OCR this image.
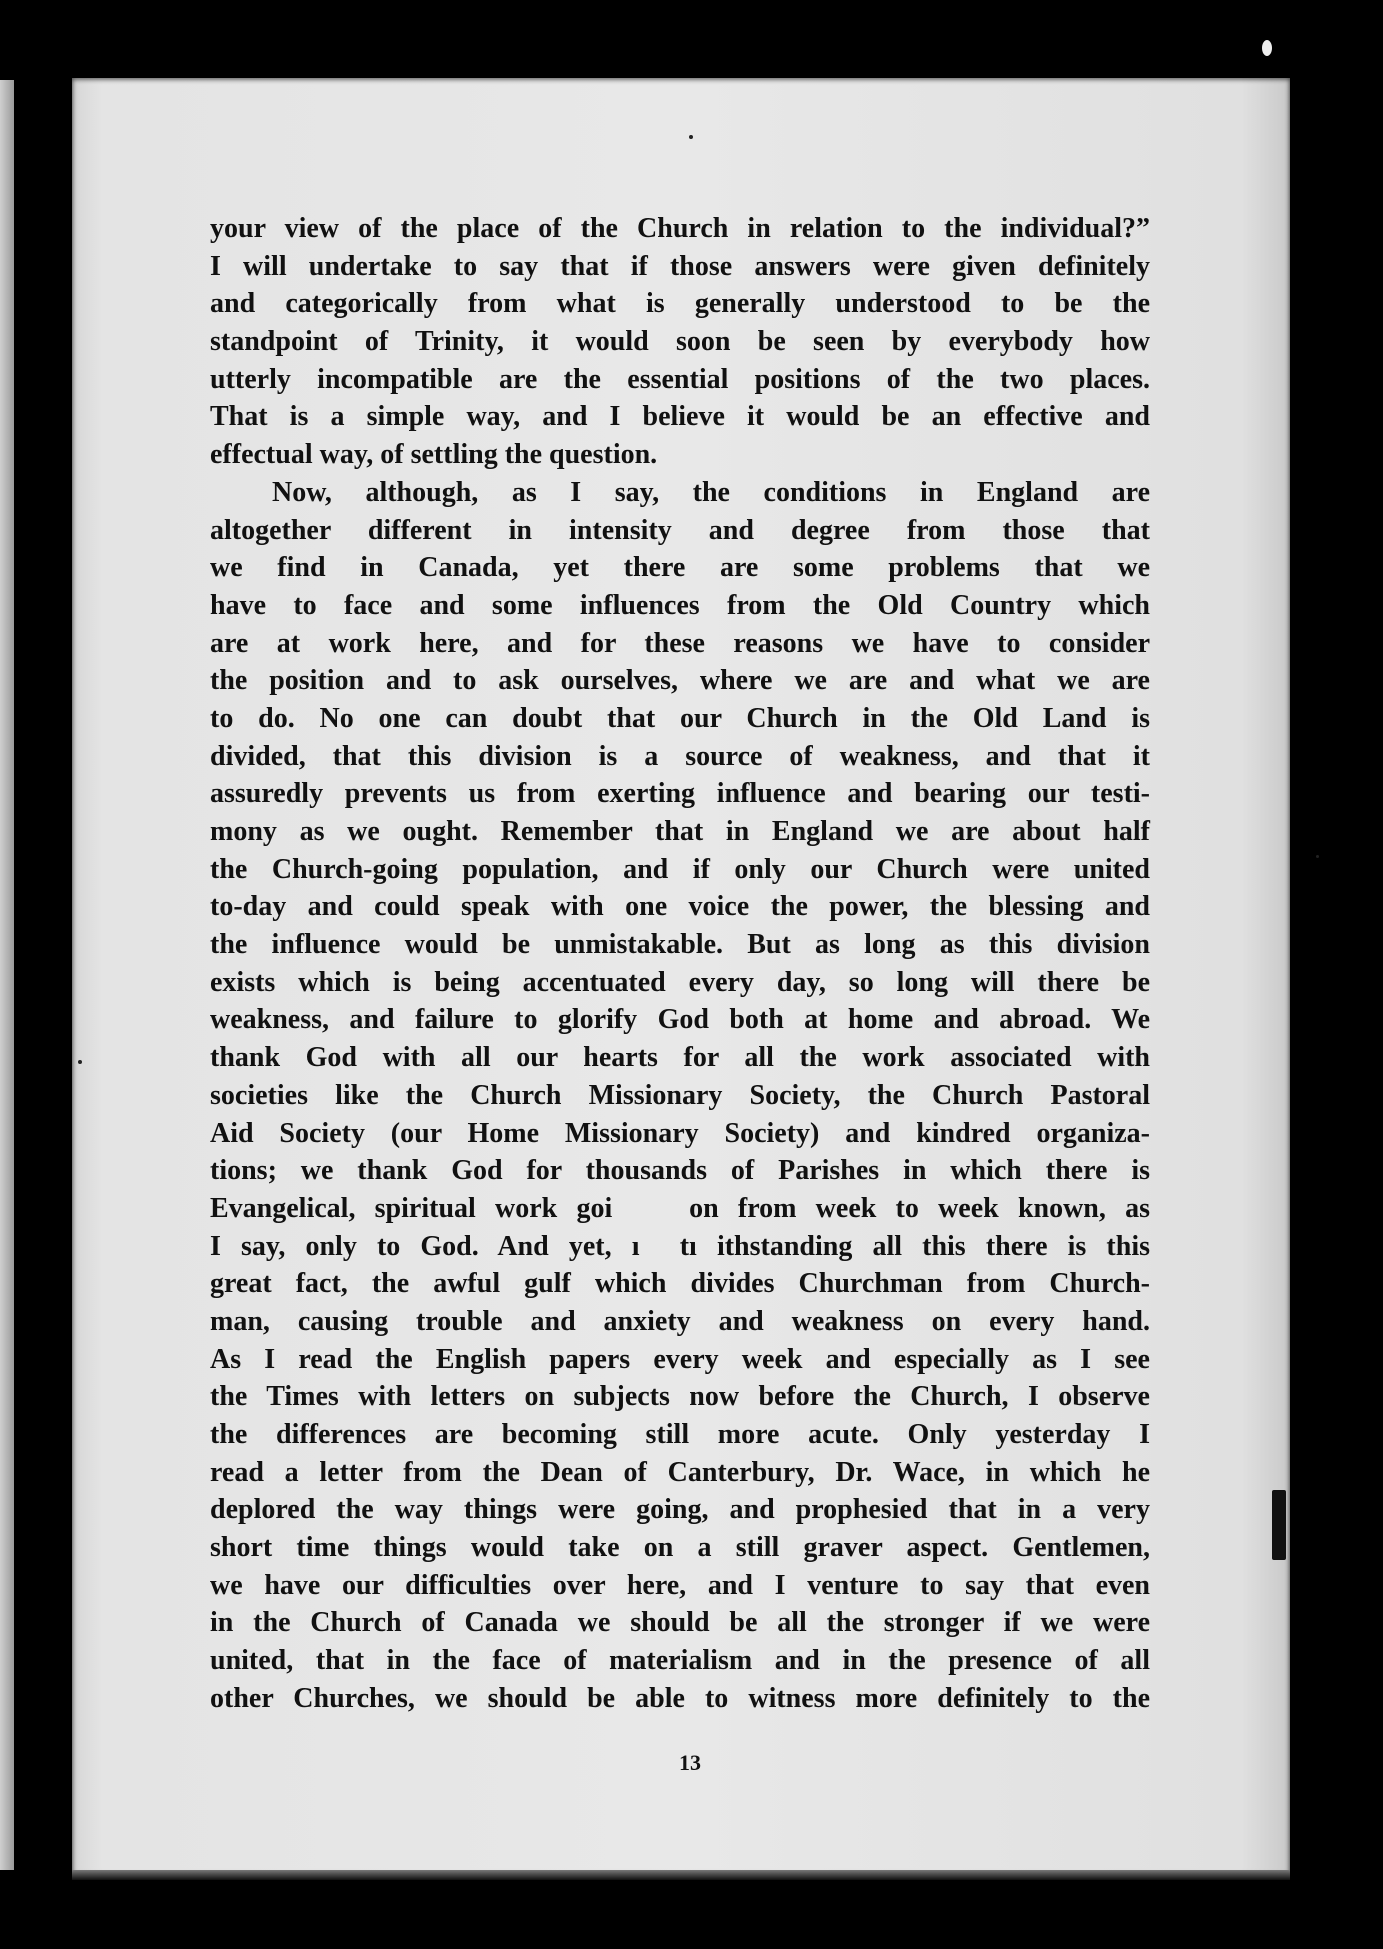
your view of the place of the Church in relation to the individual?”
I will undertake to say that if those answers were given definitely
and categorically from what is generally understood to be the
standpoint of Trinity, it would soon be seen by everybody how
utterly incompatible are the essential positions of the two places.
That is a simple way, and I believe it would be an effective and
effectual way, of settling the question.
Now, although, as I say, the conditions in England are
altogether different in intensity and degree from those that
we find in Canada, yet there are some problems that we
have to face and some influences from the Old Country which
are at work here, and for these reasons we have to consider
the position and to ask ourselves, where we are and what we are
to do. No one can doubt that our Church in the Old Land is
divided, that this division is a source of weakness, and that it
assuredly prevents us from exerting influence and bearing our testi-
mony as we ought. Remember that in England we are about half
the Church-going population, and if only our Church were united
to-day and could speak with one voice the power, the blessing and
the influence would be unmistakable. But as long as this division
exists which is being accentuated every day, so long will there be
weakness, and failure to glorify God both at home and abroad. We
thank God with all our hearts for all the work associated with
societies like the Church Missionary Society, the Church Pastoral
Aid Society (our Home Missionary Society) and kindred organiza-
tions; we thank God for thousands of Parishes in which there is
Evangelical, spiritual work goi    on from week to week known, as
I say, only to God. And yet, ı  tı ithstanding all this there is this
great fact, the awful gulf which divides Churchman from Church-
man, causing trouble and anxiety and weakness on every hand.
As I read the English papers every week and especially as I see
the Times with letters on subjects now before the Church, I observe
the differences are becoming still more acute. Only yesterday I
read a letter from the Dean of Canterbury, Dr. Wace, in which he
deplored the way things were going, and prophesied that in a very
short time things would take on a still graver aspect. Gentlemen,
we have our difficulties over here, and I venture to say that even
in the Church of Canada we should be all the stronger if we were
united, that in the face of materialism and in the presence of all
other Churches, we should be able to witness more definitely to the
13
